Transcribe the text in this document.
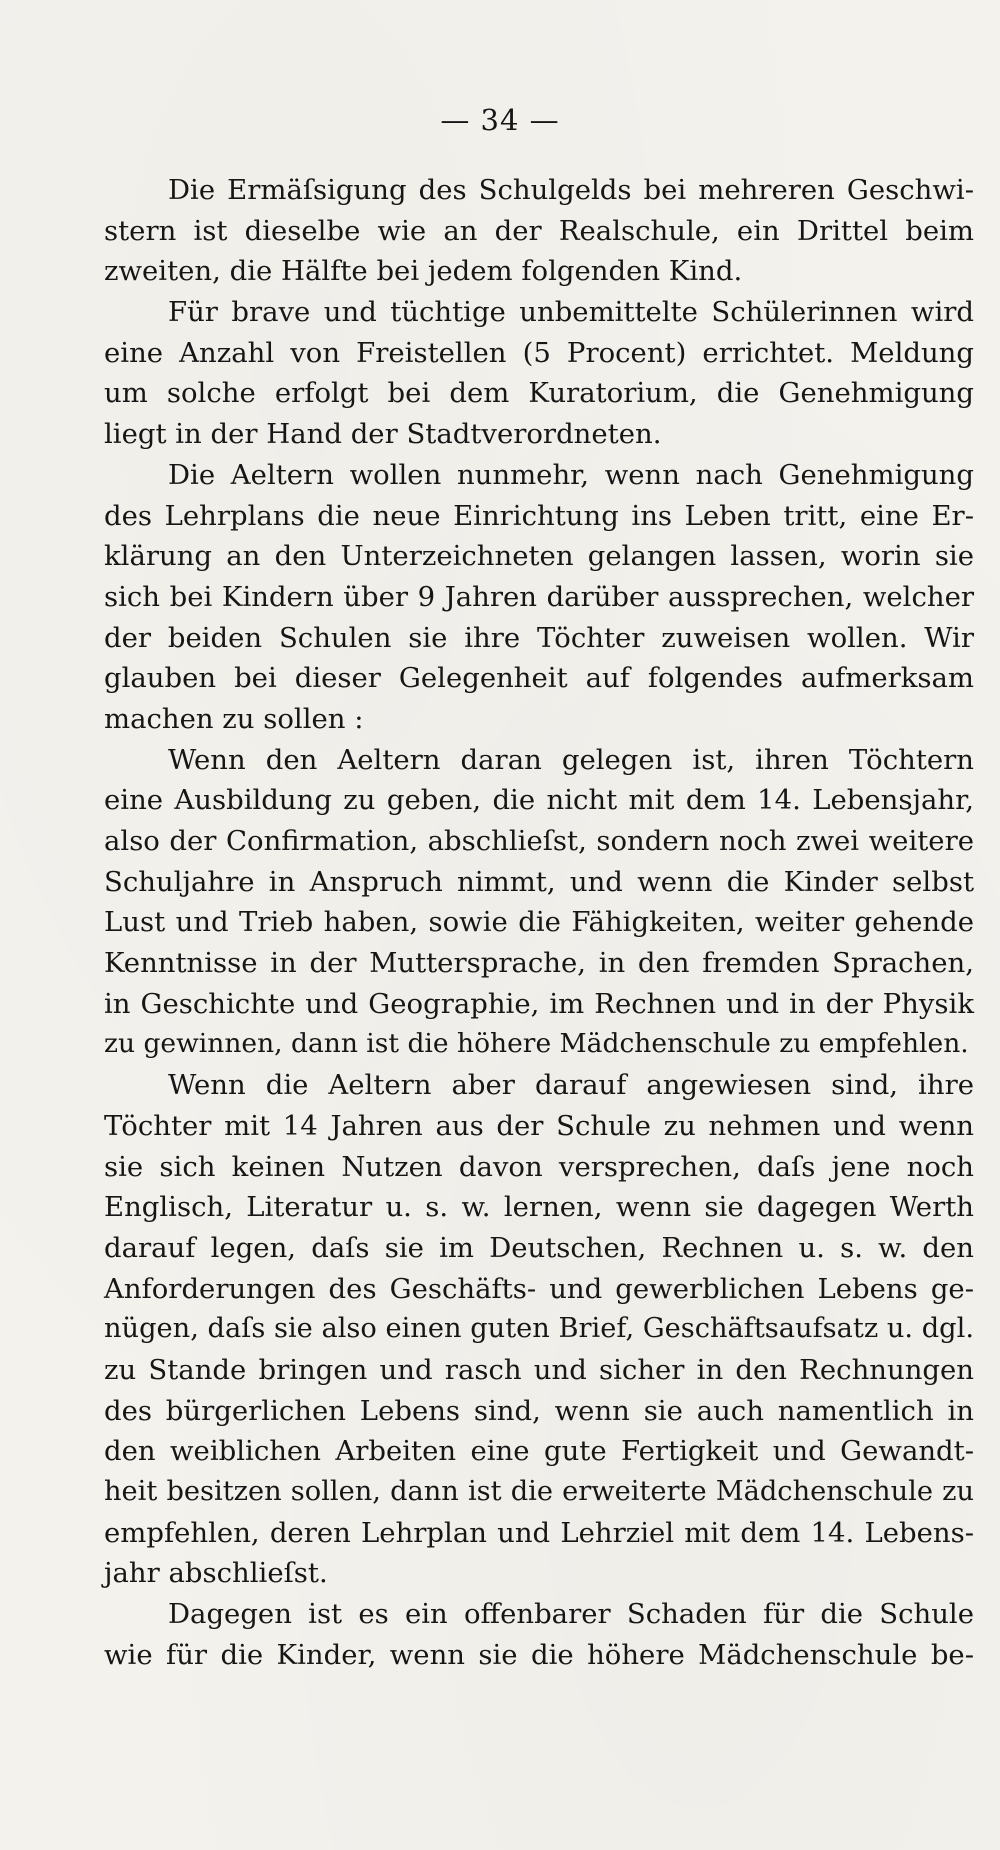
— 34 —
Die Ermäſsigung des Schulgelds bei mehreren Geschwi-
stern ist dieselbe wie an der Realschule, ein Drittel beim
zweiten, die Hälfte bei jedem folgenden Kind.
Für brave und tüchtige unbemittelte Schülerinnen wird
eine Anzahl von Freistellen (5 Procent) errichtet. Meldung
um solche erfolgt bei dem Kuratorium, die Genehmigung
liegt in der Hand der Stadtverordneten.
Die Aeltern wollen nunmehr, wenn nach Genehmigung
des Lehrplans die neue Einrichtung ins Leben tritt, eine Er-
klärung an den Unterzeichneten gelangen lassen, worin sie
sich bei Kindern über 9 Jahren darüber aussprechen, welcher
der beiden Schulen sie ihre Töchter zuweisen wollen. Wir
glauben bei dieser Gelegenheit auf folgendes aufmerksam
machen zu sollen :
Wenn den Aeltern daran gelegen ist, ihren Töchtern
eine Ausbildung zu geben, die nicht mit dem 14. Lebensjahr,
also der Confirmation, abschlieſst, sondern noch zwei weitere
Schuljahre in Anspruch nimmt, und wenn die Kinder selbst
Lust und Trieb haben, sowie die Fähigkeiten, weiter gehende
Kenntnisse in der Muttersprache, in den fremden Sprachen,
in Geschichte und Geographie, im Rechnen und in der Physik
zu gewinnen, dann ist die höhere Mädchenschule zu empfehlen.
Wenn die Aeltern aber darauf angewiesen sind, ihre
Töchter mit 14 Jahren aus der Schule zu nehmen und wenn
sie sich keinen Nutzen davon versprechen, daſs jene noch
Englisch, Literatur u. s. w. lernen, wenn sie dagegen Werth
darauf legen, daſs sie im Deutschen, Rechnen u. s. w. den
Anforderungen des Geschäfts- und gewerblichen Lebens ge-
nügen, daſs sie also einen guten Brief, Geschäftsaufsatz u. dgl.
zu Stande bringen und rasch und sicher in den Rechnungen
des bürgerlichen Lebens sind, wenn sie auch namentlich in
den weiblichen Arbeiten eine gute Fertigkeit und Gewandt-
heit besitzen sollen, dann ist die erweiterte Mädchenschule zu
empfehlen, deren Lehrplan und Lehrziel mit dem 14. Lebens-
jahr abschlieſst.
Dagegen ist es ein offenbarer Schaden für die Schule
wie für die Kinder, wenn sie die höhere Mädchenschule be-
